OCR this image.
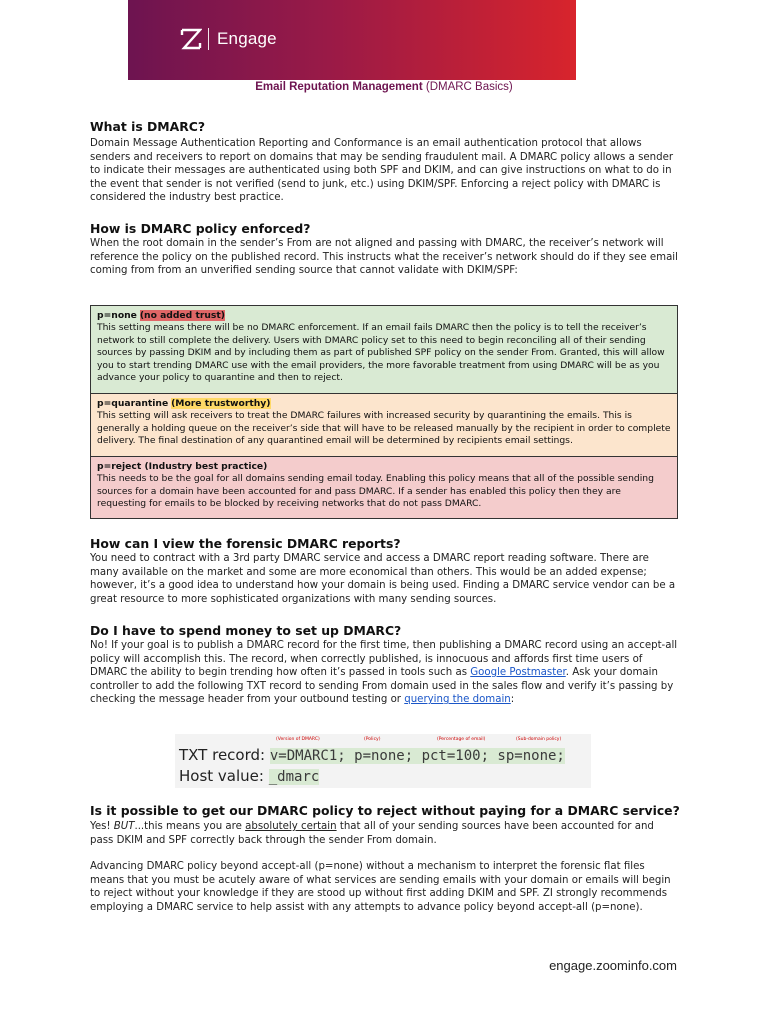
Engage
Email Reputation Management (DMARC Basics)
What is DMARC?

Domain Message Authentication Reporting and Conformance is an email authentication protocol that allows senders and receivers to report on domains that may be sending fraudulent mail. A DMARC policy allows a sender to indicate their messages are authenticated using both SPF and DKIM, and can give instructions on what to do in the event that sender is not verified (send to junk, etc.) using DKIM/SPF. Enforcing a reject policy with DMARC is considered the industry best practice.

How is DMARC policy enforced?

When the root domain in the sender’s From are not aligned and passing with DMARC, the receiver’s network will reference the policy on the published record. This instructs what the receiver’s network should do if they see email coming from from an unverified sending source that cannot validate with DKIM/SPF:

p=none (no added trust)
This setting means there will be no DMARC enforcement. If an email fails DMARC then the policy is to tell the receiver’s network to still complete the delivery. Users with DMARC policy set to this need to begin reconciling all of their sending sources by passing DKIM and by including them as part of published SPF policy on the sender From. Granted, this will allow you to start trending DMARC use with the email providers, the more favorable treatment from using DMARC will be as you advance your policy to quarantine and then to reject.
p=quarantine (More trustworthy)
This setting will ask receivers to treat the DMARC failures with increased security by quarantining the emails. This is generally a holding queue on the receiver’s side that will have to be released manually by the recipient in order to complete delivery. The final destination of any quarantined email will be determined by recipients email settings.
p=reject (Industry best practice)
This needs to be the goal for all domains sending email today. Enabling this policy means that all of the possible sending sources for a domain have been accounted for and pass DMARC. If a sender has enabled this policy then they are requesting for emails to be blocked by receiving networks that do not pass DMARC.
How can I view the forensic DMARC reports?

You need to contract with a 3rd party DMARC service and access a DMARC report reading software. There are many available on the market and some are more economical than others. This would be an added expense; however, it’s a good idea to understand how your domain is being used. Finding a DMARC service vendor can be a great resource to more sophisticated organizations with many sending sources.

Do I have to spend money to set up DMARC?

No! If your goal is to publish a DMARC record for the first time, then publishing a DMARC record using an accept-all policy will accomplish this. The record, when correctly published, is innocuous and affords first time users of DMARC the ability to begin trending how often it’s passed in tools such as Google Postmaster. Ask your domain controller to add the following TXT record to sending From domain used in the sales flow and verify it’s passing by checking the message header from your outbound testing or querying the domain:

(Version of DMARC)	(Policy)	(Percentage of email)	(Sub-domain policy)
TXT record: v=DMARC1; p=none; pct=100; sp=none;
Host value: _dmarc
Is it possible to get our DMARC policy to reject without paying for a DMARC service?

Yes! BUT...this means you are absolutely certain that all of your sending sources have been accounted for and pass DKIM and SPF correctly back through the sender From domain.

Advancing DMARC policy beyond accept-all (p=none) without a mechanism to interpret the forensic flat files means that you must be acutely aware of what services are sending emails with your domain or emails will begin to reject without your knowledge if they are stood up without first adding DKIM and SPF. ZI strongly recommends employing a DMARC service to help assist with any attempts to advance policy beyond accept-all (p=none).

engage.zoominfo.com
